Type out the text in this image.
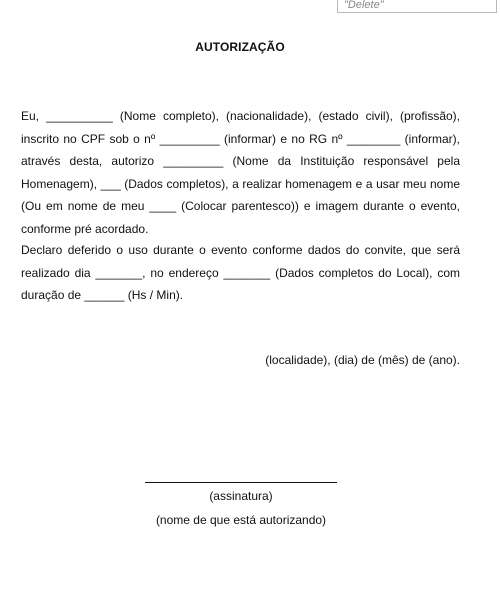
"Delete"
AUTORIZAÇÃO
Eu, __________ (Nome completo), (nacionalidade), (estado civil), (profissão), inscrito no CPF sob o nº _________ (informar) e no RG nº ________ (informar), através desta, autorizo _________ (Nome da Instituição responsável pela Homenagem), ___ (Dados completos), a realizar homenagem e a usar meu nome (Ou em nome de meu ____ (Colocar parentesco)) e imagem durante o evento, conforme pré acordado.
Declaro deferido o uso durante o evento conforme dados do convite, que será realizado dia _______, no endereço _______ (Dados completos do Local), com duração de ______ (Hs / Min).
(localidade), (dia) de (mês) de (ano).
(assinatura)
(nome de que está autorizando)
